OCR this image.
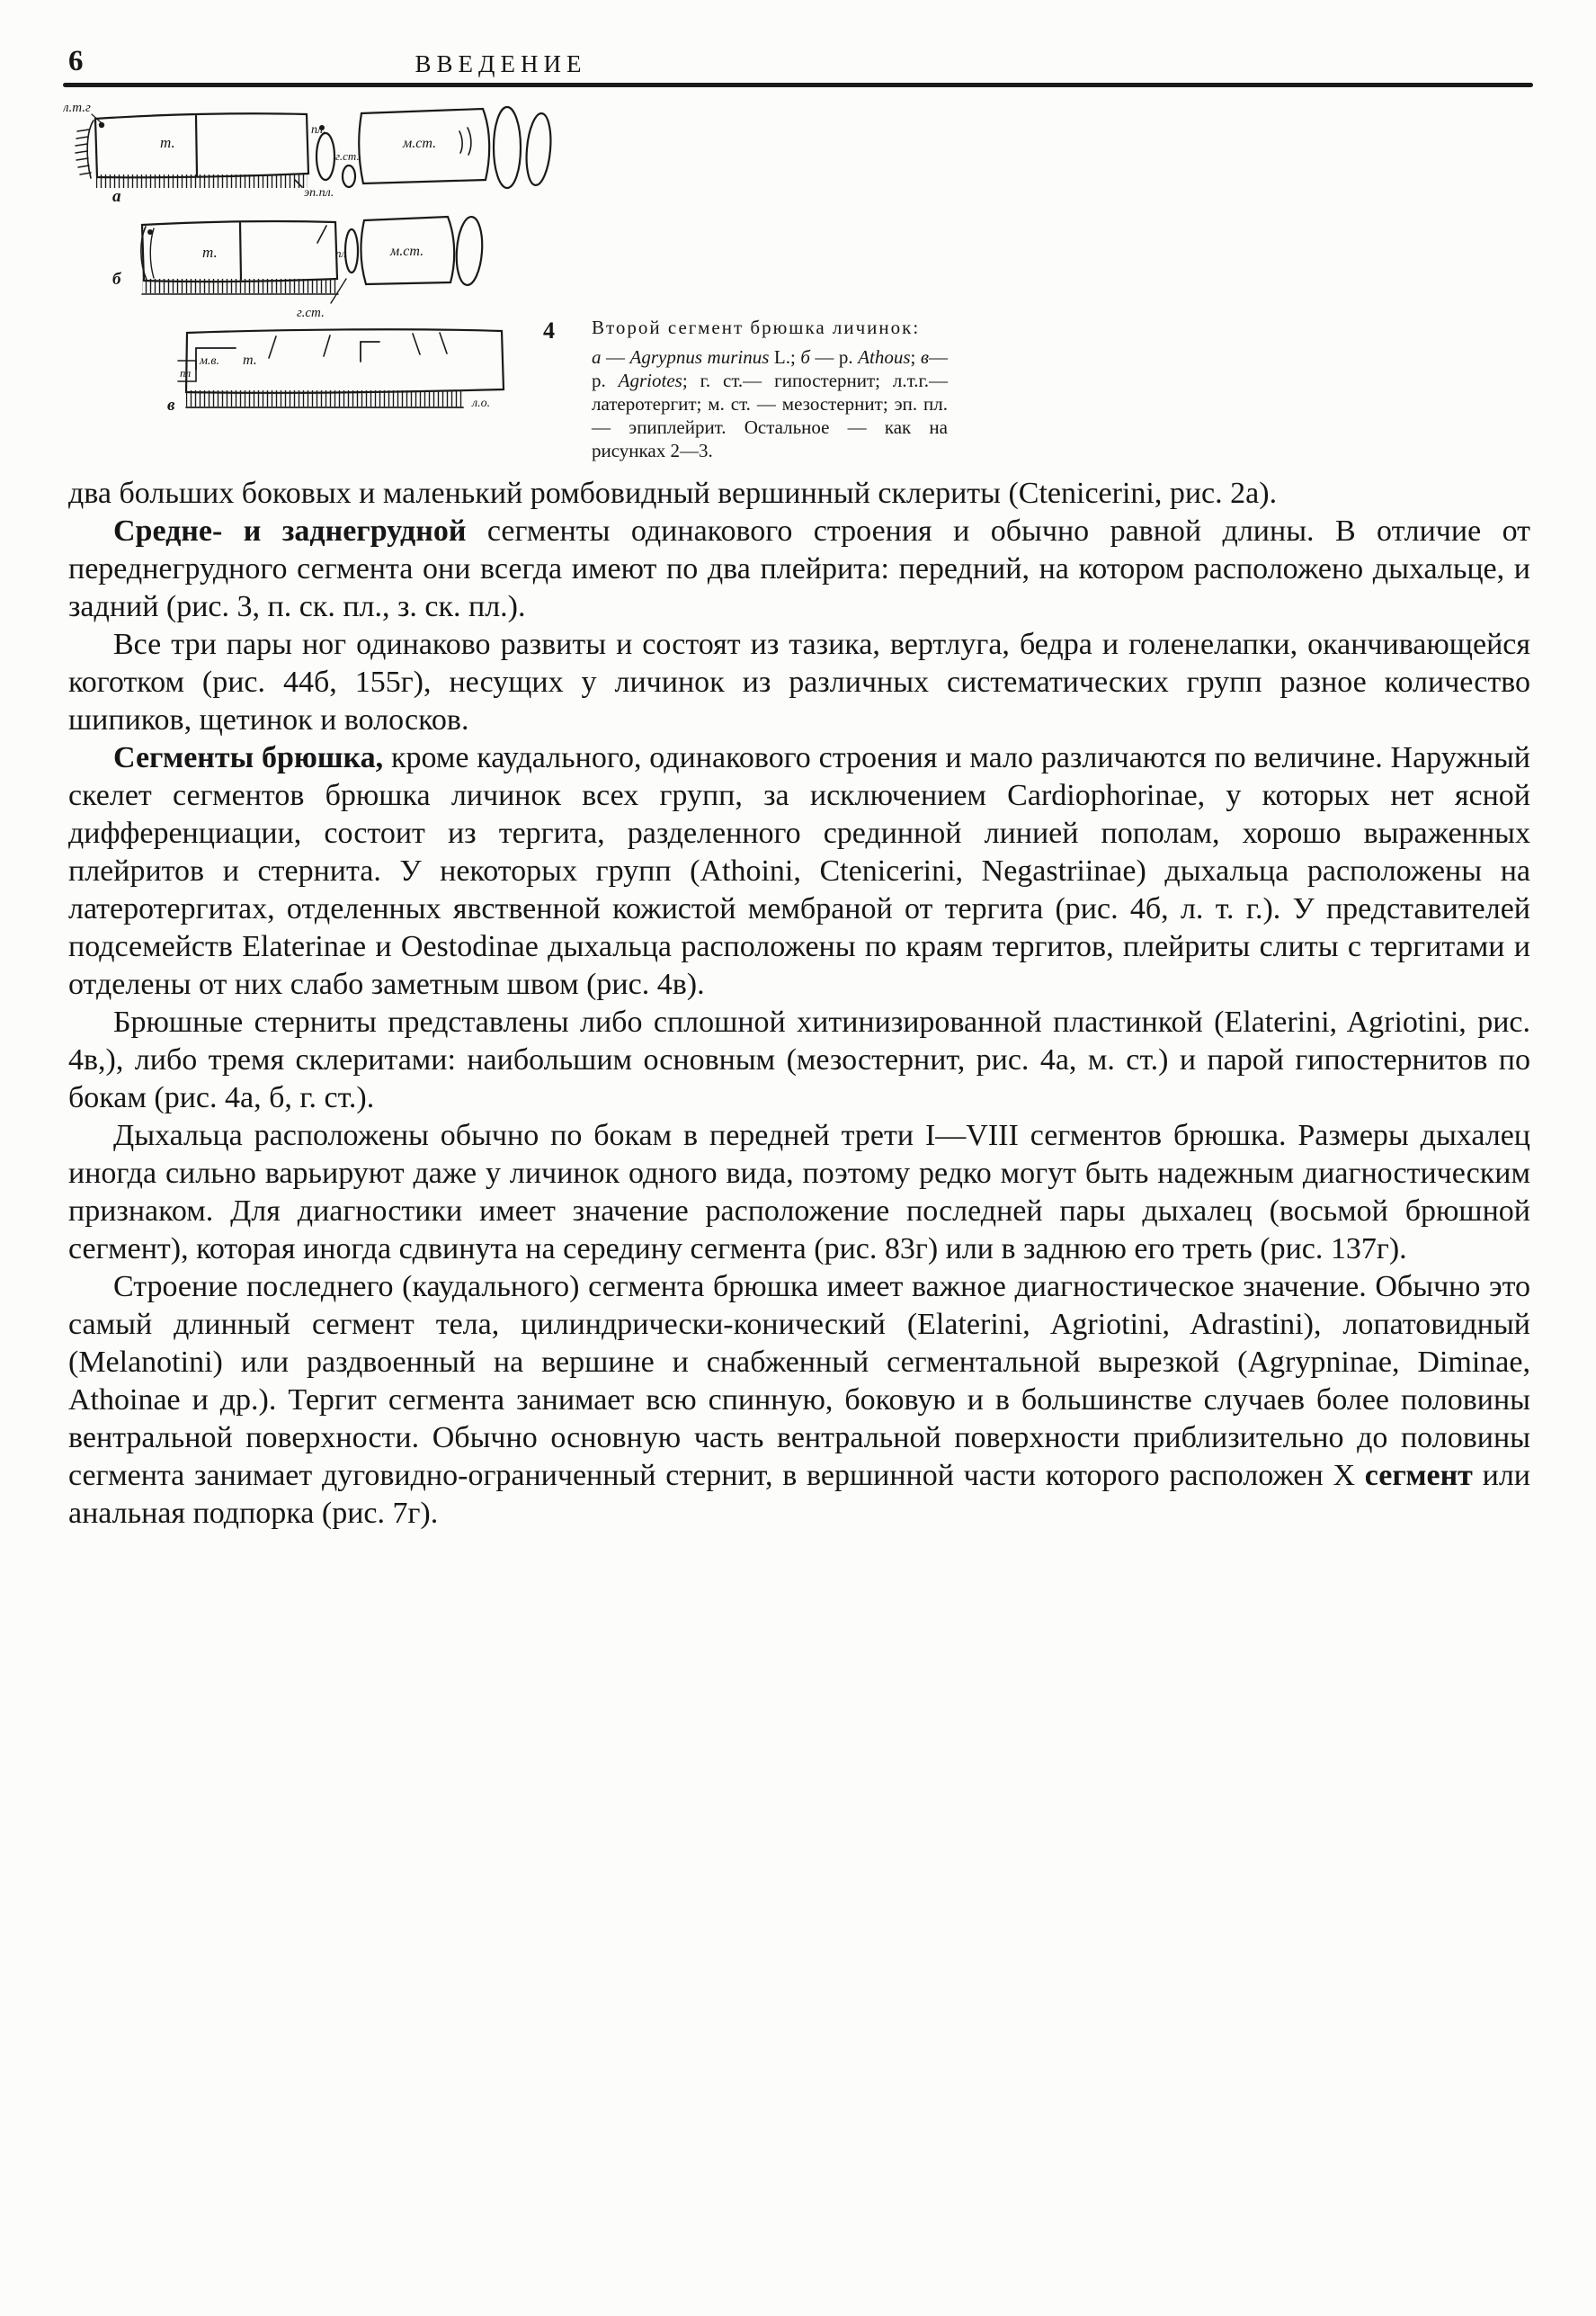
6	ВВЕДЕНИЕ
л.т.г
т.
пл.
г.ст.
м.ст.
эп.пл.
а
т.	пл	м.ст.
г.ст.
б
м.в. т.
пл
л.о.
в
4 Второй сегмент брюшка личинок:
а — Agrypnus murinus L.; б — р. Athous; в— р. Agriotes; г. ст.— гипостернит; л.т.г.— латеротергит; м. ст. — мезостернит; эп. пл. — эпиплейрит. Остальное — как на рисунках 2—3.

два больших боковых и маленький ромбовидный вершинный склериты (Ctenicerini, рис. 2а).

Средне- и заднегрудной сегменты одинакового строения и обычно равной длины. В отличие от переднегрудного сегмента они всегда имеют по два плейрита: передний, на котором расположено дыхальце, и задний (рис. 3, п. ск. пл., з. ск. пл.).

Все три пары ног одинаково развиты и состоят из тазика, вертлуга, бедра и голенелапки, оканчивающейся коготком (рис. 44б, 155г), несущих у личинок из различных систематических групп разное количество шипиков, щетинок и волосков.

Сегменты брюшка, кроме каудального, одинакового строения и мало различаются по величине. Наружный скелет сегментов брюшка личинок всех групп, за исключением Cardiophorinae, у которых нет ясной дифференциации, состоит из тергита, разделенного срединной линией пополам, хорошо выраженных плейритов и стернита. У некоторых групп (Athoini, Ctenicerini, Negastriinae) дыхальца расположены на латеротергитах, отделенных явственной кожистой мембраной от тергита (рис. 4б, л. т. г.). У представителей подсемейств Elaterinae и Oestodinae дыхальца расположены по краям тергитов, плейриты слиты с тергитами и отделены от них слабо заметным швом (рис. 4в).

Брюшные стерниты представлены либо сплошной хитинизированной пластинкой (Elaterini, Agriotini, рис. 4в,), либо тремя склеритами: наибольшим основным (мезостернит, рис. 4а, м. ст.) и парой гипостернитов по бокам (рис. 4а, б, г. ст.).

Дыхальца расположены обычно по бокам в передней трети I—VIII сегментов брюшка. Размеры дыхалец иногда сильно варьируют даже у личинок одного вида, поэтому редко могут быть надежным диагностическим признаком. Для диагностики имеет значение расположение последней пары дыхалец (восьмой брюшной сегмент), которая иногда сдвинута на середину сегмента (рис. 83г) или в заднюю его треть (рис. 137г).

Строение последнего (каудального) сегмента брюшка имеет важное диагностическое значение. Обычно это самый длинный сегмент тела, цилиндрически-конический (Elaterini, Agriotini, Adrastini), лопатовидный (Melanotini) или раздвоенный на вершине и снабженный сегментальной вырезкой (Agrypninae, Diminae, Athoinae и др.). Тергит сегмента занимает всю спинную, боковую и в большинстве случаев более половины вентральной поверхности. Обычно основную часть вентральной поверхности приблизительно до половины сегмента занимает дуговидно-ограниченный стернит, в вершинной части которого расположен X сегмент или анальная подпорка (рис. 7г).
